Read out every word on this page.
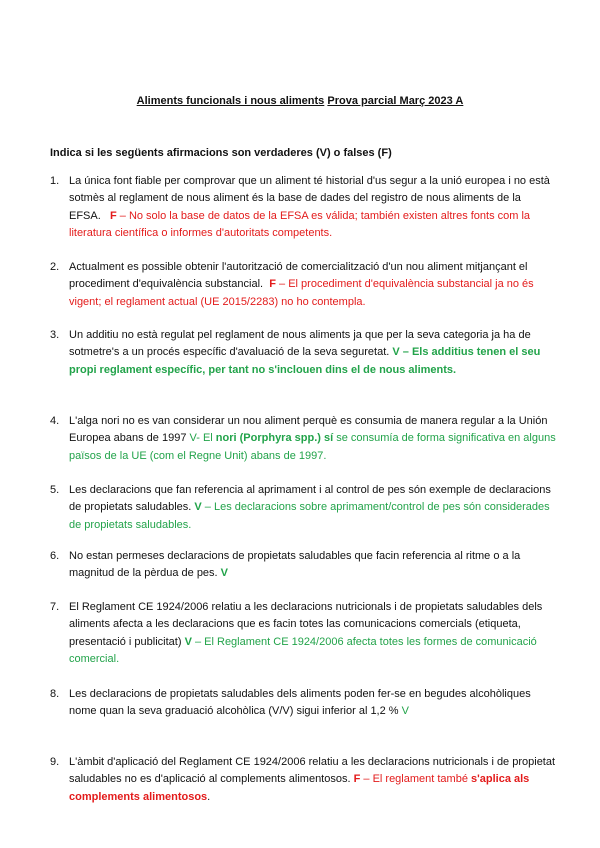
Aliments funcionals i nous aliments Prova parcial Març 2023 A
Indica si les següents afirmacions son verdaderes (V) o falses (F)
1. La única font fiable per comprovar que un aliment té historial d'us segur a la unió europea i no està sotmès al reglament de nous aliment és la base de dades del registro de nous aliments de la EFSA. F – No solo la base de datos de la EFSA es válida; también existen altres fonts com la literatura científica o informes d'autoritats competents.
2. Actualment es possible obtenir l'autorització de comercialització d'un nou aliment mitjançant el procediment d'equivalència substancial. F – El procediment d'equivalència substancial ja no és vigent; el reglament actual (UE 2015/2283) no ho contempla.
3. Un additiu no està regulat pel reglament de nous aliments ja que per la seva categoria ja ha de sotmetre's a un procés específic d'avaluació de la seva seguretat. V – Els additius tenen el seu propi reglament específic, per tant no s'inclouen dins el de nous aliments.
4. L'alga nori no es van considerar un nou aliment perquè es consumia de manera regular a la Unión Europea abans de 1997 V- El nori (Porphyra spp.) sí se consumía de forma significativa en alguns països de la UE (com el Regne Unit) abans de 1997.
5. Les declaracions que fan referencia al aprimament i al control de pes són exemple de declaracions de propietats saludables. V – Les declaracions sobre aprimament/control de pes són considerades de propietats saludables.
6. No estan permeses declaracions de propietats saludables que facin referencia al ritme o a la magnitud de la pèrdua de pes. V
7. El Reglament CE 1924/2006 relatiu a les declaracions nutricionals i de propietats saludables dels aliments afecta a les declaracions que es facin totes las comunicacions comercials (etiqueta, presentació i publicitat) V – El Reglament CE 1924/2006 afecta totes les formes de comunicació comercial.
8. Les declaracions de propietats saludables dels aliments poden fer-se en begudes alcohòliques nome quan la seva graduació alcohòlica (V/V) sigui inferior al 1,2 % V
9. L'àmbit d'aplicació del Reglament CE 1924/2006 relatiu a les declaracions nutricionals i de propietat saludables no es d'aplicació al complements alimentosos. F – El reglament també s'aplica als complements alimentosos.
